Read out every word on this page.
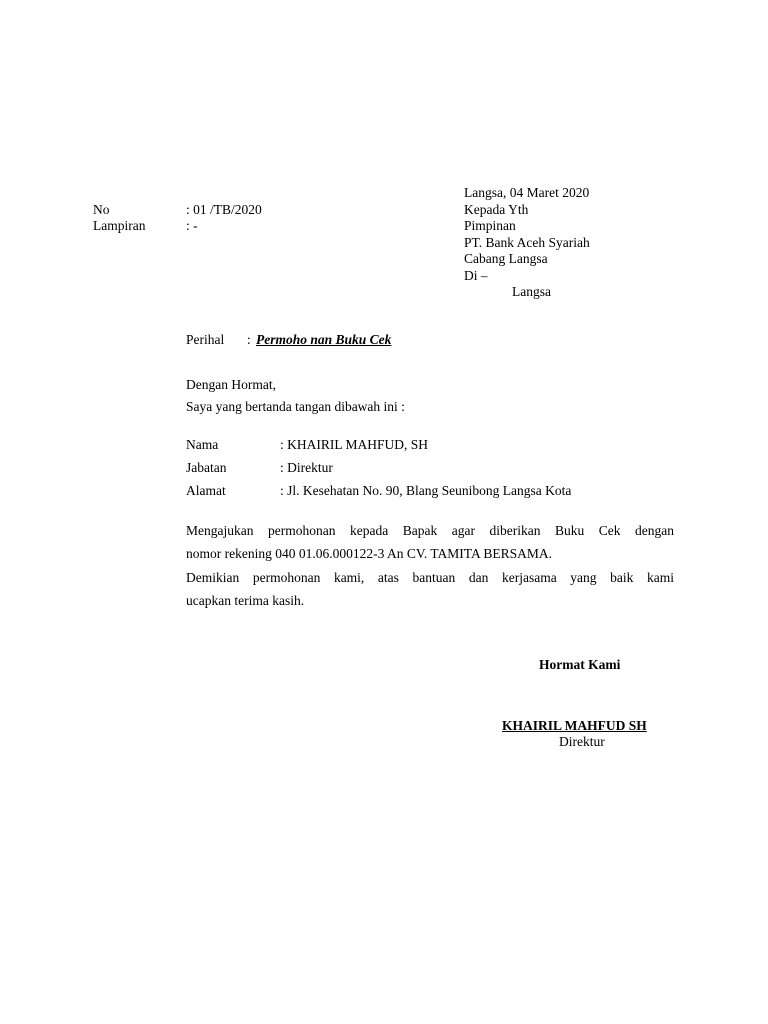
No	: 01 /TB/2020
Lampiran	: -
Langsa, 04 Maret 2020
Kepada Yth
Pimpinan
PT. Bank Aceh Syariah
Cabang Langsa
Di –
Langsa
Perihal : Permoho nan Buku Cek
Dengan Hormat,
Saya yang bertanda tangan dibawah ini :
Nama	: KHAIRIL MAHFUD, SH
Jabatan	: Direktur
Alamat	: Jl. Kesehatan No. 90, Blang Seunibong Langsa Kota
Mengajukan permohonan kepada Bapak agar diberikan Buku Cek dengan
nomor rekening 040 01.06.000122-3 An CV. TAMITA BERSAMA.
Demikian permohonan kami, atas bantuan dan kerjasama yang baik kami
ucapkan terima kasih.
Hormat Kami
KHAIRIL MAHFUD SH
Direktur
